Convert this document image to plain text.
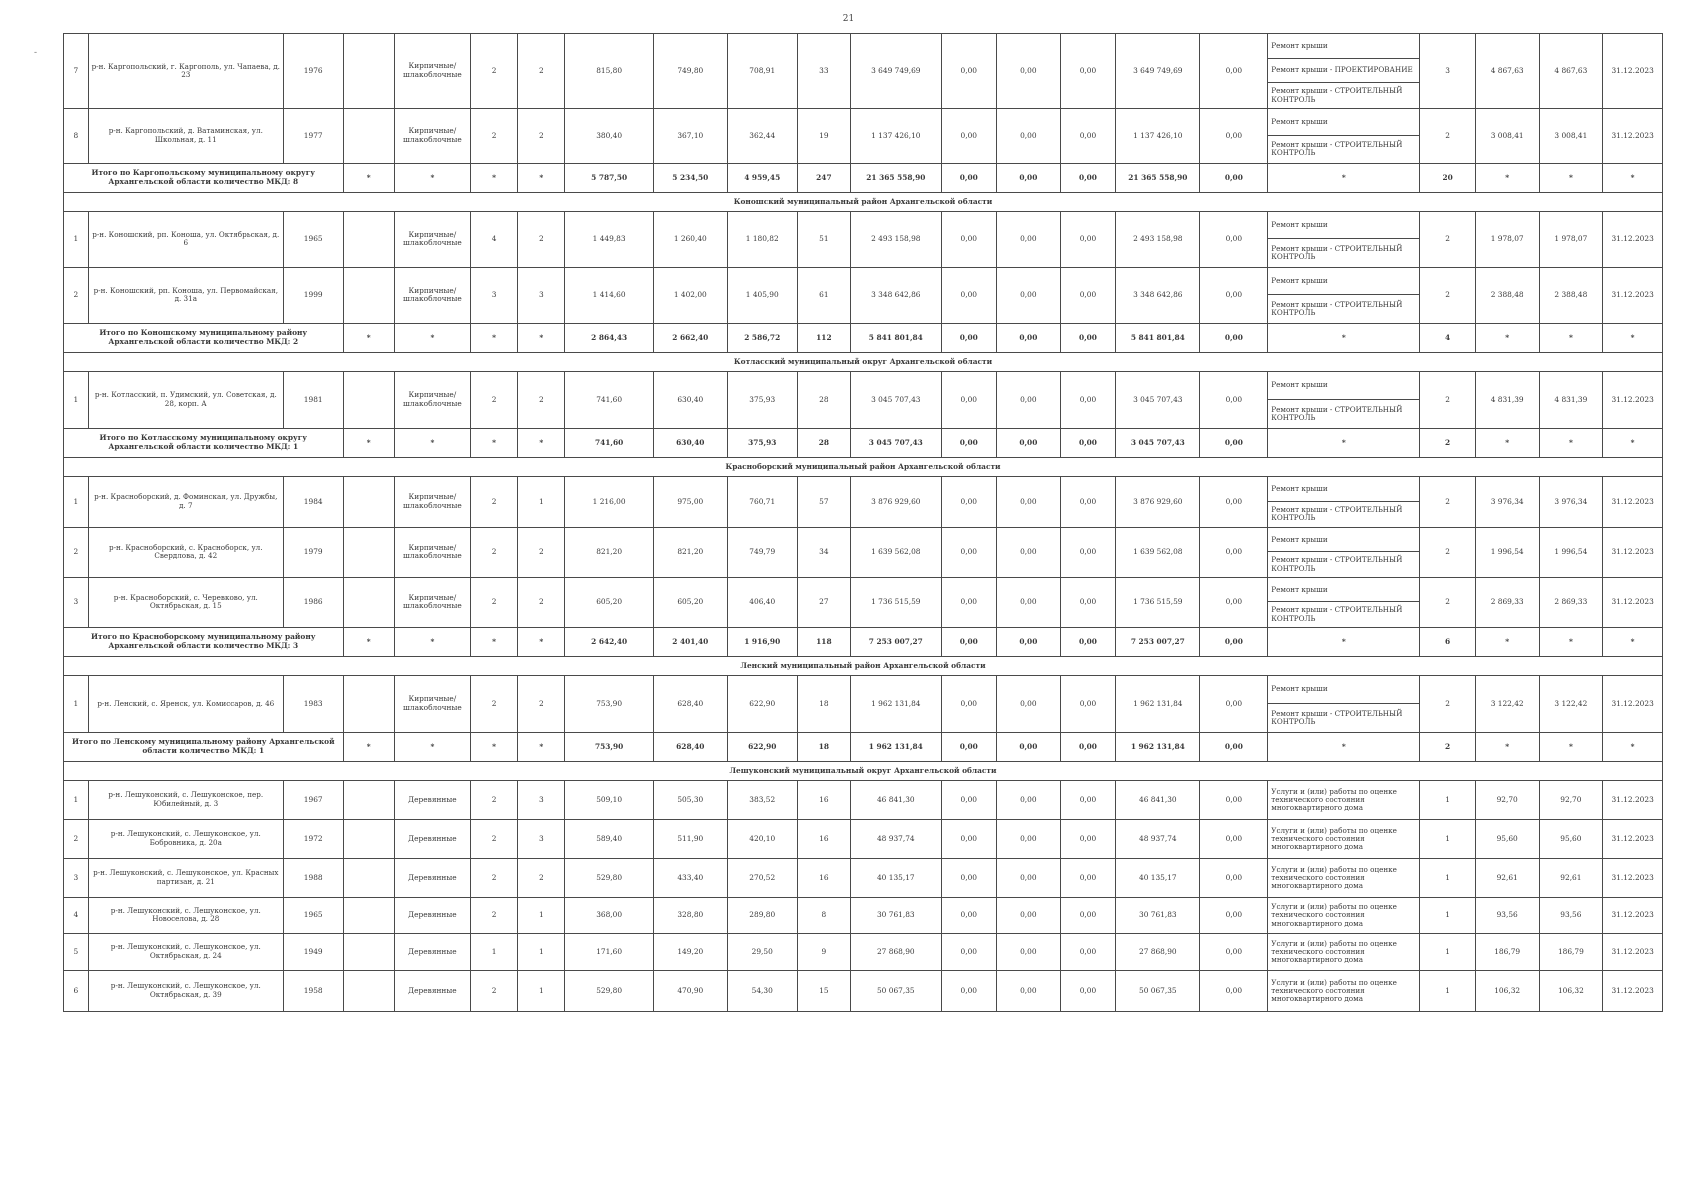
21
-
7	р-н. Каргопольский, г. Каргополь, ул. Чапаева, д. 23	1976		Кирпичные/ шлакоблочные	2	2	815,80	749,80	708,91	33	3 649 749,69	0,00	0,00	0,00	3 649 749,69	0,00	Ремонт крыши
Ремонт крыши - ПРОЕКТИРОВАНИЕ
Ремонт крыши - СТРОИТЕЛЬНЫЙ КОНТРОЛЬ	3	4 867,63	4 867,63	31.12.2023
8	р-н. Каргопольский, д. Ватаминская, ул. Школьная, д. 11	1977		Кирпичные/ шлакоблочные	2	2	380,40	367,10	362,44	19	1 137 426,10	0,00	0,00	0,00	1 137 426,10	0,00	Ремонт крыши
Ремонт крыши - СТРОИТЕЛЬНЫЙ КОНТРОЛЬ	2	3 008,41	3 008,41	31.12.2023
Итого по Каргопольскому муниципальному округу Архангельской области количество МКД: 8			*	*	*	*	5 787,50	5 234,50	4 959,45	247	21 365 558,90	0,00	0,00	0,00	21 365 558,90	0,00	*	20	*	*	*
Коношский муниципальный район Архангельской области																					
1	р-н. Коношский, рп. Коноша, ул. Октябрьская, д. 6	1965		Кирпичные/ шлакоблочные	4	2	1 449,83	1 260,40	1 180,82	51	2 493 158,98	0,00	0,00	0,00	2 493 158,98	0,00	Ремонт крыши
Ремонт крыши - СТРОИТЕЛЬНЫЙ КОНТРОЛЬ	2	1 978,07	1 978,07	31.12.2023
2	р-н. Коношский, рп. Коноша, ул. Первомайская, д. 31а	1999		Кирпичные/ шлакоблочные	3	3	1 414,60	1 402,00	1 405,90	61	3 348 642,86	0,00	0,00	0,00	3 348 642,86	0,00	Ремонт крыши
Ремонт крыши - СТРОИТЕЛЬНЫЙ КОНТРОЛЬ	2	2 388,48	2 388,48	31.12.2023
Итого по Коношскому муниципальному району Архангельской области количество МКД: 2			*	*	*	*	2 864,43	2 662,40	2 586,72	112	5 841 801,84	0,00	0,00	0,00	5 841 801,84	0,00	*	4	*	*	*
Котласский муниципальный округ Архангельской области																					
1	р-н. Котласский, п. Удимский, ул. Советская, д. 28, корп. А	1981		Кирпичные/ шлакоблочные	2	2	741,60	630,40	375,93	28	3 045 707,43	0,00	0,00	0,00	3 045 707,43	0,00	Ремонт крыши
Ремонт крыши - СТРОИТЕЛЬНЫЙ КОНТРОЛЬ	2	4 831,39	4 831,39	31.12.2023
Итого по Котласскому муниципальному округу Архангельской области количество МКД: 1			*	*	*	*	741,60	630,40	375,93	28	3 045 707,43	0,00	0,00	0,00	3 045 707,43	0,00	*	2	*	*	*
Красноборский муниципальный район Архангельской области																					
1	р-н. Красноборский, д. Фоминская, ул. Дружбы, д. 7	1984		Кирпичные/ шлакоблочные	2	1	1 216,00	975,00	760,71	57	3 876 929,60	0,00	0,00	0,00	3 876 929,60	0,00	Ремонт крыши
Ремонт крыши - СТРОИТЕЛЬНЫЙ КОНТРОЛЬ	2	3 976,34	3 976,34	31.12.2023
2	р-н. Красноборский, с. Красноборск, ул. Свердлова, д. 42	1979		Кирпичные/ шлакоблочные	2	2	821,20	821,20	749,79	34	1 639 562,08	0,00	0,00	0,00	1 639 562,08	0,00	Ремонт крыши
Ремонт крыши - СТРОИТЕЛЬНЫЙ КОНТРОЛЬ	2	1 996,54	1 996,54	31.12.2023
3	р-н. Красноборский, с. Черевково, ул. Октябрьская, д. 15	1986		Кирпичные/ шлакоблочные	2	2	605,20	605,20	406,40	27	1 736 515,59	0,00	0,00	0,00	1 736 515,59	0,00	Ремонт крыши
Ремонт крыши - СТРОИТЕЛЬНЫЙ КОНТРОЛЬ	2	2 869,33	2 869,33	31.12.2023
Итого по Красноборскому муниципальному району Архангельской области количество МКД: 3			*	*	*	*	2 642,40	2 401,40	1 916,90	118	7 253 007,27	0,00	0,00	0,00	7 253 007,27	0,00	*	6	*	*	*
Ленский муниципальный район Архангельской области																					
1	р-н. Ленский, с. Яренск, ул. Комиссаров, д. 46	1983		Кирпичные/ шлакоблочные	2	2	753,90	628,40	622,90	18	1 962 131,84	0,00	0,00	0,00	1 962 131,84	0,00	Ремонт крыши
Ремонт крыши - СТРОИТЕЛЬНЫЙ КОНТРОЛЬ	2	3 122,42	3 122,42	31.12.2023
Итого по Ленскому муниципальному району Архангельской области количество МКД: 1			*	*	*	*	753,90	628,40	622,90	18	1 962 131,84	0,00	0,00	0,00	1 962 131,84	0,00	*	2	*	*	*
Лешуконский муниципальный округ Архангельской области																					
1	р-н. Лешуконский, с. Лешуконское, пер. Юбилейный, д. 3	1967		Деревянные	2	3	509,10	505,30	383,52	16	46 841,30	0,00	0,00	0,00	46 841,30	0,00	Услуги и (или) работы по оценке технического состояния многоквартирного дома	1	92,70	92,70	31.12.2023
2	р-н. Лешуконский, с. Лешуконское, ул. Бобровника, д. 20а	1972		Деревянные	2	3	589,40	511,90	420,10	16	48 937,74	0,00	0,00	0,00	48 937,74	0,00	Услуги и (или) работы по оценке технического состояния многоквартирного дома	1	95,60	95,60	31.12.2023
3	р-н. Лешуконский, с. Лешуконское, ул. Красных партизан, д. 21	1988		Деревянные	2	2	529,80	433,40	270,52	16	40 135,17	0,00	0,00	0,00	40 135,17	0,00	Услуги и (или) работы по оценке технического состояния многоквартирного дома	1	92,61	92,61	31.12.2023
4	р-н. Лешуконский, с. Лешуконское, ул. Новоселова, д. 28	1965		Деревянные	2	1	368,00	328,80	289,80	8	30 761,83	0,00	0,00	0,00	30 761,83	0,00	Услуги и (или) работы по оценке технического состояния многоквартирного дома	1	93,56	93,56	31.12.2023
5	р-н. Лешуконский, с. Лешуконское, ул. Октябрьская, д. 24	1949		Деревянные	1	1	171,60	149,20	29,50	9	27 868,90	0,00	0,00	0,00	27 868,90	0,00	Услуги и (или) работы по оценке технического состояния многоквартирного дома	1	186,79	186,79	31.12.2023
6	р-н. Лешуконский, с. Лешуконское, ул. Октябрьская, д. 39	1958		Деревянные	2	1	529,80	470,90	54,30	15	50 067,35	0,00	0,00	0,00	50 067,35	0,00	Услуги и (или) работы по оценке технического состояния многоквартирного дома	1	106,32	106,32	31.12.2023
